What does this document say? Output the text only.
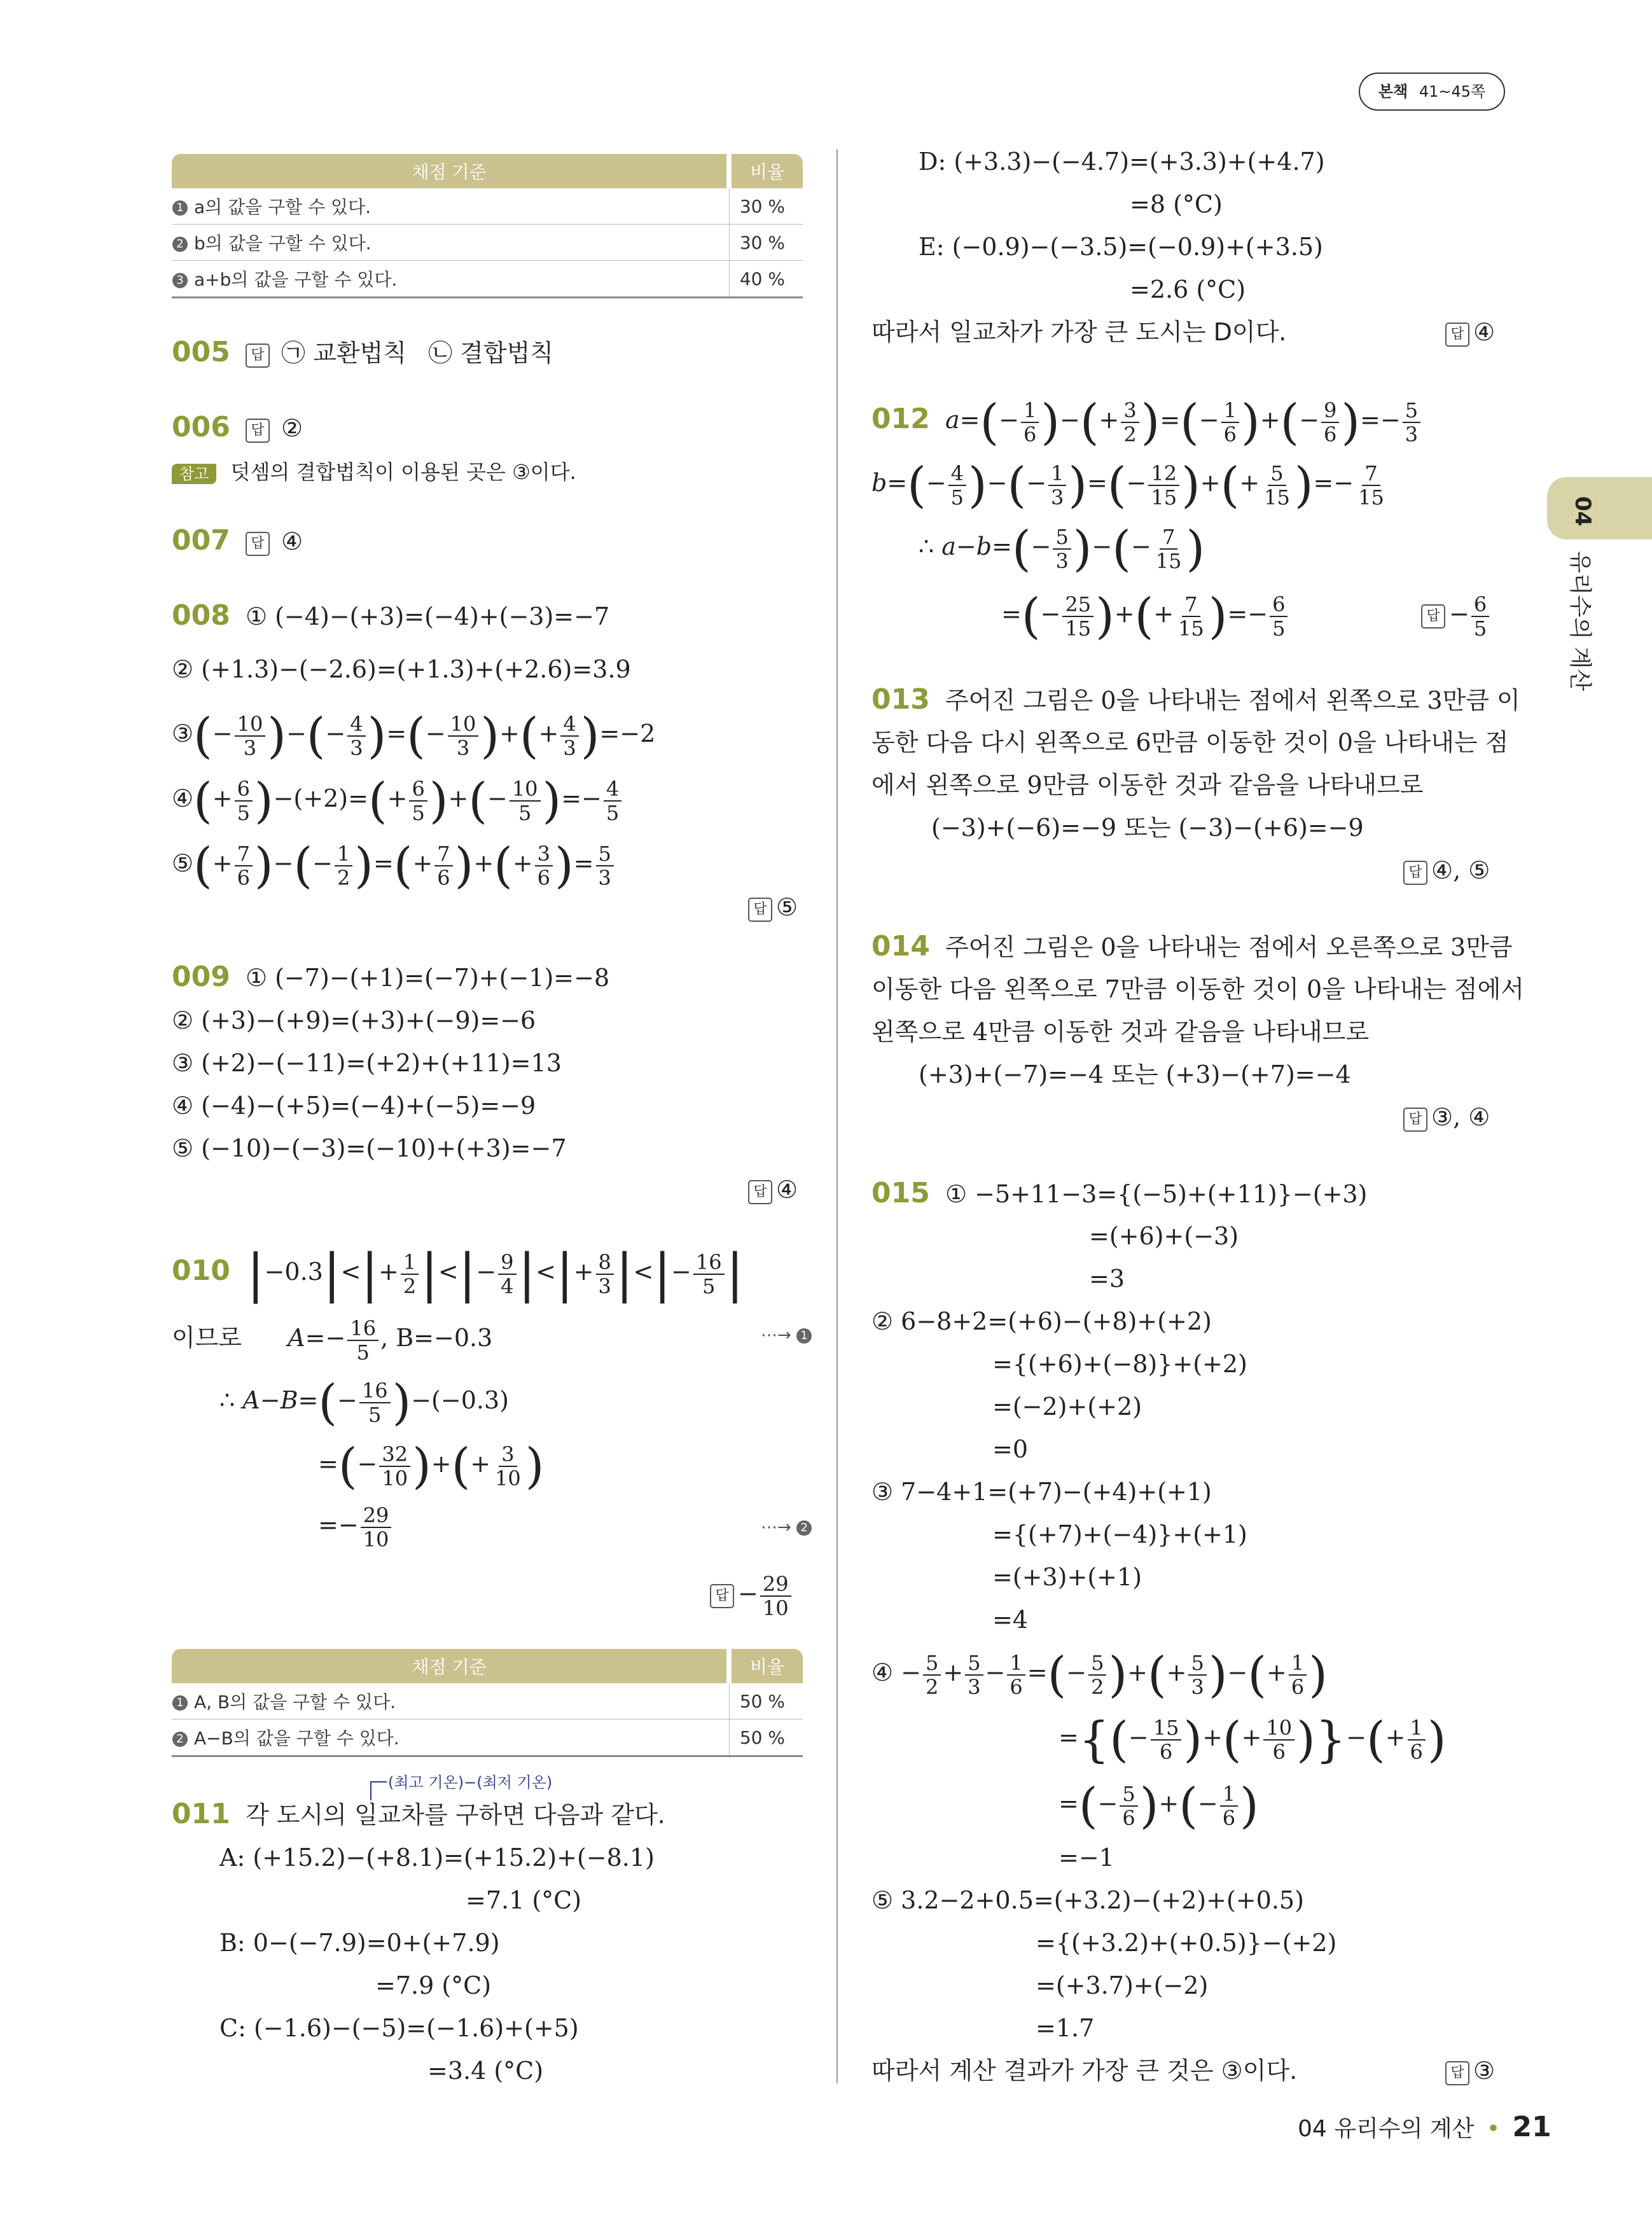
본책 41~45쪽
04
유리수의 계산
채점 기준	비율
1 a의 값을 구할 수 있다.	30 %
2 b의 값을 구할 수 있다.	30 %
3 a+b의 값을 구할 수 있다.	40 %
005 답 ㉠ 교환법칙 ㉡ 결합법칙
006 답 ②
참고 덧셈의 결합법칙이 이용된 곳은 ③이다.
007 답 ④
008 ① (−4)−(+3)=(−4)+(−3)=−7
② (+1.3)−(−2.6)=(+1.3)+(+2.6)=3.9
③(− $\frac{10}{3}$ )−(− $\frac{4}{3}$ )=(− $\frac{10}{3}$ )+(+ $\frac{4}{3} )=-2$
④(+ $\frac{6}{5} )-(+2)=(+ \frac{6}{5}$ )+(− $\frac{10}{5}$ )=− $\frac{4}{5}$
⑤(+ $\frac{7}{6}$ )−(− $\frac{1}{2}$ )=(+ $\frac{7}{6}$ )+(+ $\frac{3}{6}$ )= $\frac{5}{3}$
답 ⑤
009 ① (−7)−(+1)=(−7)+(−1)=−8
② (+3)−(+9)=(+3)+(−9)=−6
③ (+2)−(−11)=(+2)+(+11)=13
④ (−4)−(+5)=(−4)+(−5)=−9
⑤ (−10)−(−3)=(−10)+(+3)=−7
답 ④
010 $|-0.3|<|+ \frac{1}{2}$ |<|− $\frac{9}{4}$ |<|+ $\frac{8}{3}$ |<|− $\frac{16}{5}$ |
이므로 $A=- \frac{16}{5}$ , B=−0.3	⋯→ 1
∴ $A-B=(- \frac{16}{5} )-(-0.3)$
=(− $\frac{32}{10}$ )+(+ $\frac{3}{10}$ )
=− $\frac{29}{10}$	⋯→ 2
답 − $\frac{29}{10}$
채점 기준	비율
1 A, B의 값을 구할 수 있다.	50 %
2 A−B의 값을 구할 수 있다.	50 %
(최고 기온)−(최저 기온)
011 각 도시의 일교차를 구하면 다음과 같다.
A: (+15.2)−(+8.1)=(+15.2)+(−8.1)
=7.1 (°C)
B: 0−(−7.9)=0+(+7.9)
=7.9 (°C)
C: (−1.6)−(−5)=(−1.6)+(+5)
=3.4 (°C)
D: (+3.3)−(−4.7)=(+3.3)+(+4.7)
=8 (°C)
E: (−0.9)−(−3.5)=(−0.9)+(+3.5)
=2.6 (°C)
따라서 일교차가 가장 큰 도시는 D이다.	답 ④
012 $a=(- \frac{1}{6}$ )−(+ $\frac{3}{2}$ )=(− $\frac{1}{6}$ )+(− $\frac{9}{6}$ )=− $\frac{5}{3}$
$b=(- \frac{4}{5}$ )−(− $\frac{1}{3}$ )=(− $\frac{12}{15}$ )+(+ $\frac{5}{15}$ )=− $\frac{7}{15}$
∴ $a-b=(- \frac{5}{3}$ )−(− $\frac{7}{15}$ )
=(− $\frac{25}{15}$ )+(+ $\frac{7}{15}$ )=− $\frac{6}{5}$	답 − $\frac{6}{5}$
013 주어진 그림은 0을 나타내는 점에서 왼쪽으로 3만큼 이
동한 다음 다시 왼쪽으로 6만큼 이동한 것이 0을 나타내는 점
에서 왼쪽으로 9만큼 이동한 것과 같음을 나타내므로
(−3)+(−6)=−9 또는 (−3)−(+6)=−9
답 ④, ⑤
014 주어진 그림은 0을 나타내는 점에서 오른쪽으로 3만큼
이동한 다음 왼쪽으로 7만큼 이동한 것이 0을 나타내는 점에서
왼쪽으로 4만큼 이동한 것과 같음을 나타내므로
(+3)+(−7)=−4 또는 (+3)−(+7)=−4
답 ③, ④
015 ① −5+11−3={(−5)+(+11)}−(+3)
=(+6)+(−3)
=3
② 6−8+2=(+6)−(+8)+(+2)
={(+6)+(−8)}+(+2)
=(−2)+(+2)
=0
③ 7−4+1=(+7)−(+4)+(+1)
={(+7)+(−4)}+(+1)
=(+3)+(+1)
=4
④ − $\frac{5}{2} + \frac{5}{3} - \frac{1}{6}$ =(− $\frac{5}{2}$ )+(+ $\frac{5}{3}$ )−(+ $\frac{1}{6}$ )
={(− $\frac{15}{6}$ )+(+ $\frac{10}{6}$ )}−(+ $\frac{1}{6}$ )
=(− $\frac{5}{6}$ )+(− $\frac{1}{6}$ )
=−1
⑤ 3.2−2+0.5=(+3.2)−(+2)+(+0.5)
={(+3.2)+(+0.5)}−(+2)
=(+3.7)+(−2)
=1.7
따라서 계산 결과가 가장 큰 것은 ③이다.	답 ③
04 유리수의 계산 • 21
